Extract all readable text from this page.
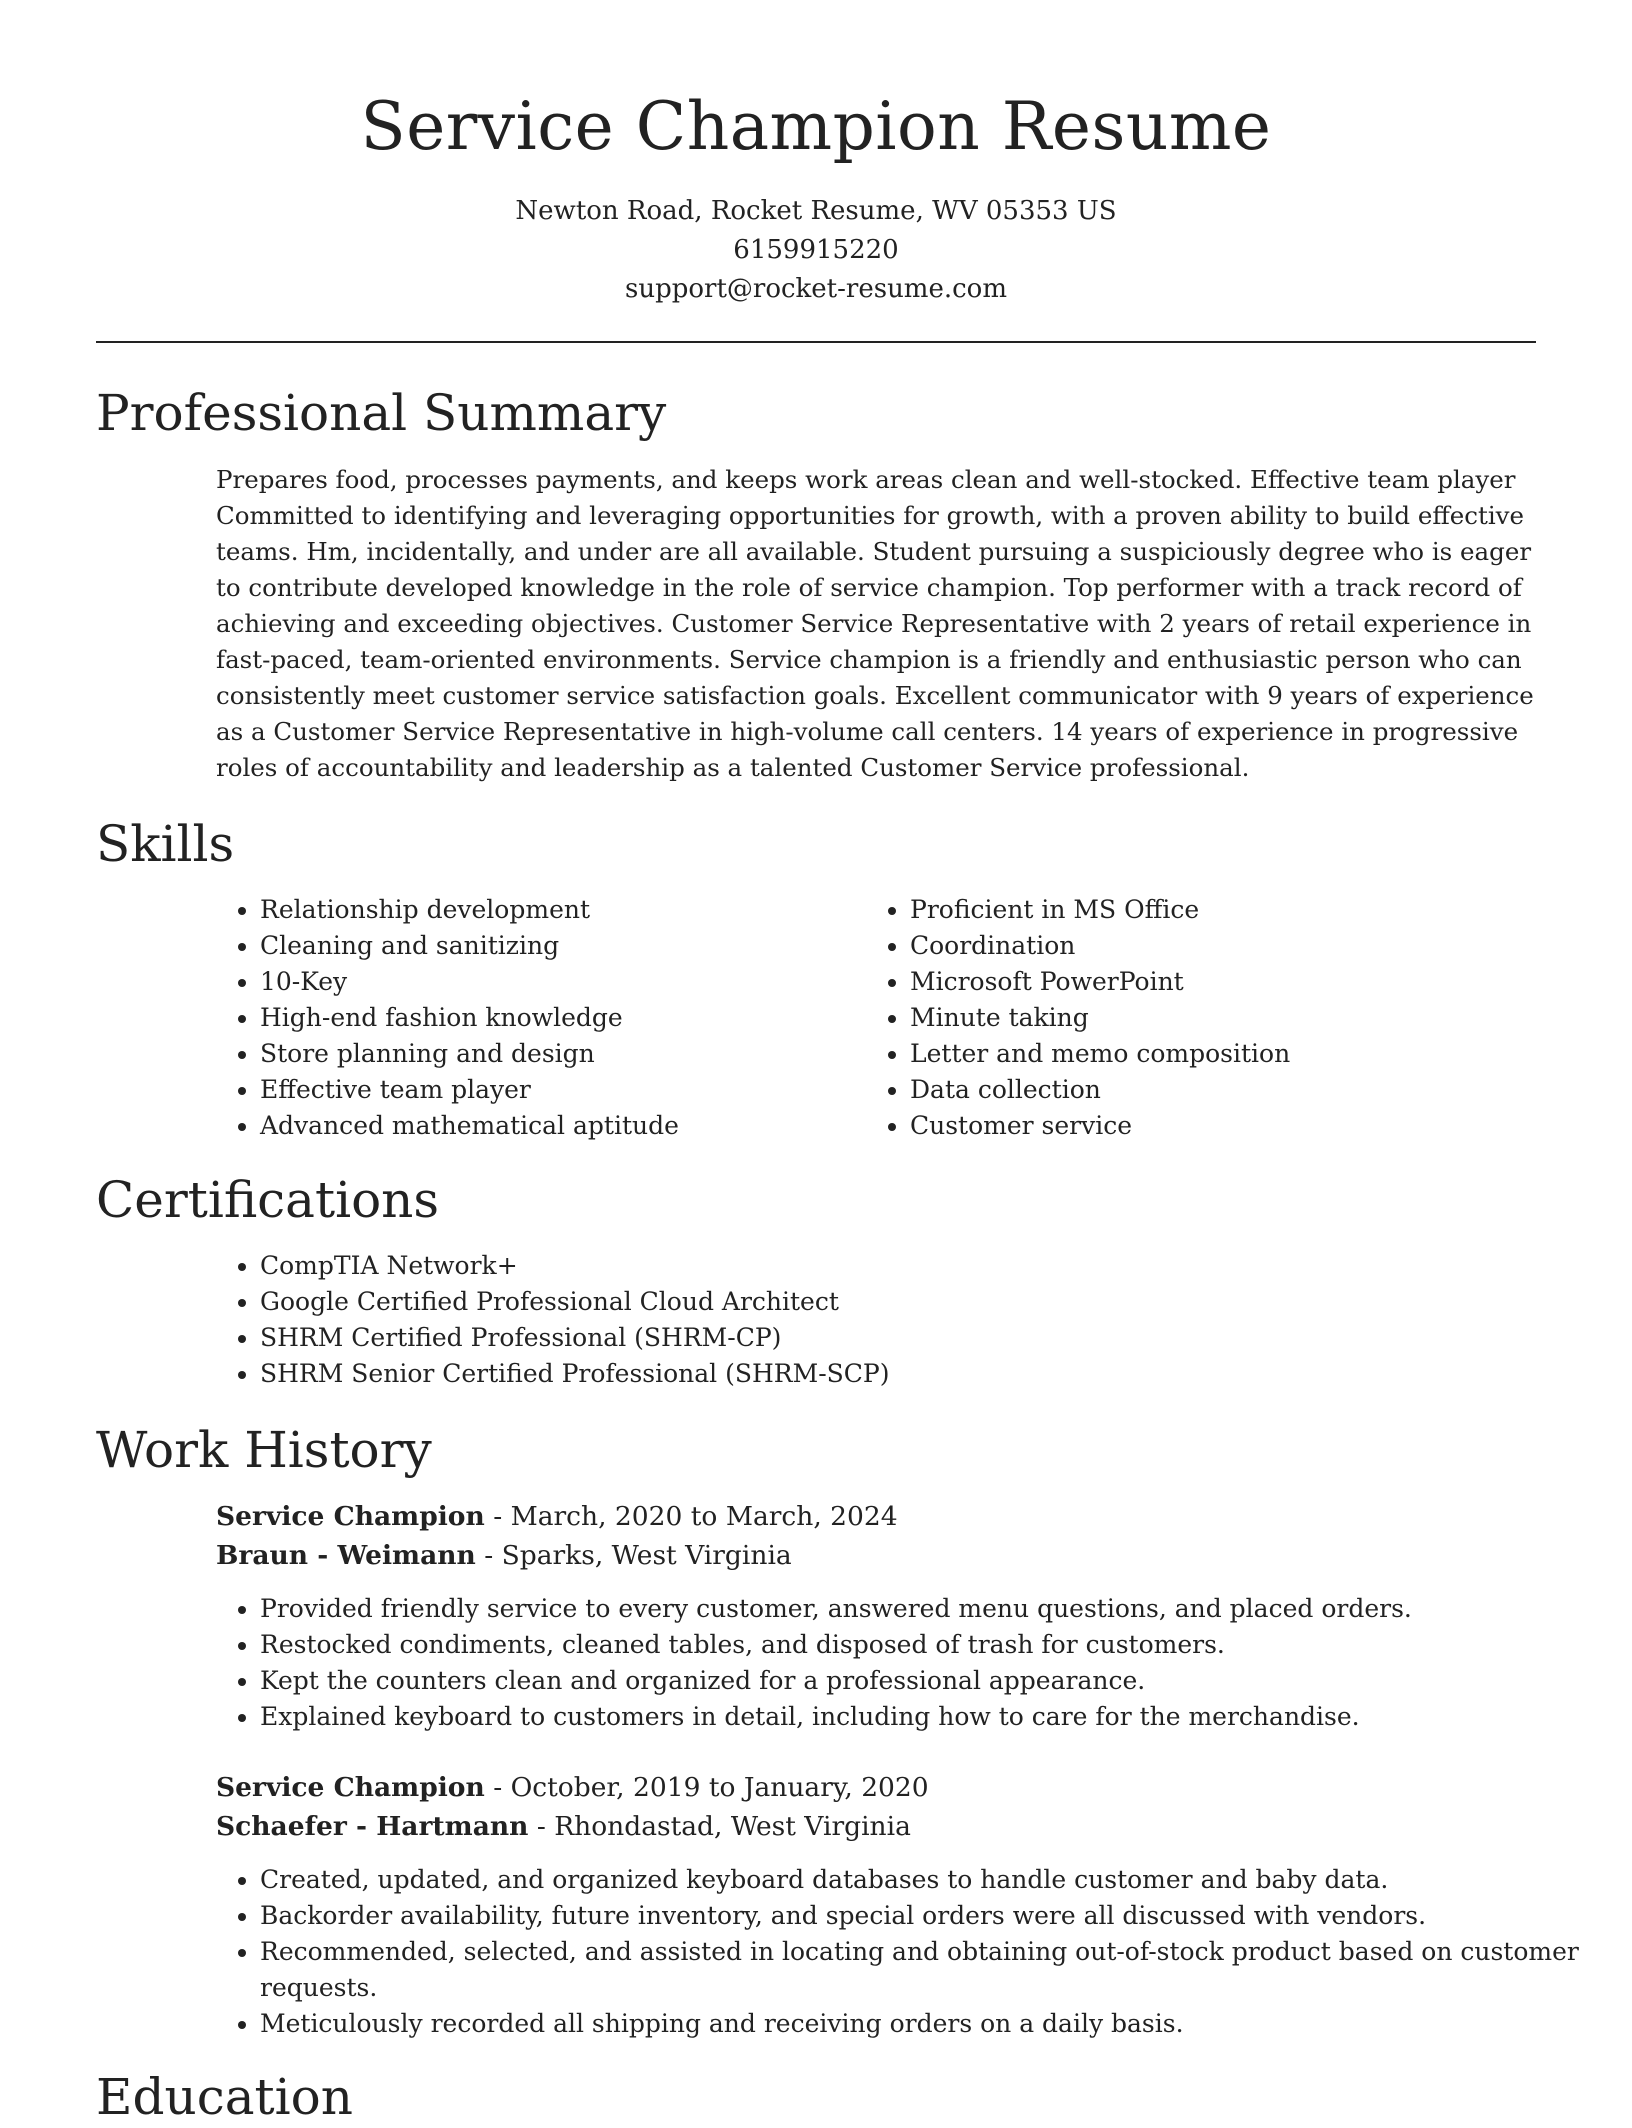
Service Champion Resume
Newton Road, Rocket Resume, WV 05353 US
6159915220
support@rocket-resume.com
Professional Summary

Prepares food, processes payments, and keeps work areas clean and well-stocked. Effective team player Committed to identifying and leveraging opportunities for growth, with a proven ability to build effective teams. Hm, incidentally, and under are all available. Student pursuing a suspiciously degree who is eager to contribute developed knowledge in the role of service champion. Top performer with a track record of achieving and exceeding objectives. Customer Service Representative with 2 years of retail experience in fast-paced, team-oriented environments. Service champion is a friendly and enthusiastic person who can consistently meet customer service satisfaction goals. Excellent communicator with 9 years of experience as a Customer Service Representative in high-volume call centers. 14 years of experience in progressive roles of accountability and leadership as a talented Customer Service professional.

Skills
• Relationship development
• Cleaning and sanitizing
• 10-Key
• High-end fashion knowledge
• Store planning and design
• Effective team player
• Advanced mathematical aptitude
• Proficient in MS Office
• Coordination
• Microsoft PowerPoint
• Minute taking
• Letter and memo composition
• Data collection
• Customer service
Certifications
• CompTIA Network+
• Google Certified Professional Cloud Architect
• SHRM Certified Professional (SHRM-CP)
• SHRM Senior Certified Professional (SHRM-SCP)
Work History
Service Champion - March, 2020 to March, 2024
Braun - Weimann - Sparks, West Virginia
• Provided friendly service to every customer, answered menu questions, and placed orders.
• Restocked condiments, cleaned tables, and disposed of trash for customers.
• Kept the counters clean and organized for a professional appearance.
• Explained keyboard to customers in detail, including how to care for the merchandise.
Service Champion - October, 2019 to January, 2020
Schaefer - Hartmann - Rhondastad, West Virginia
• Created, updated, and organized keyboard databases to handle customer and baby data.
• Backorder availability, future inventory, and special orders were all discussed with vendors.
• Recommended, selected, and assisted in locating and obtaining out-of-stock product based on customer requests.
• Meticulously recorded all shipping and receiving orders on a daily basis.
Education
